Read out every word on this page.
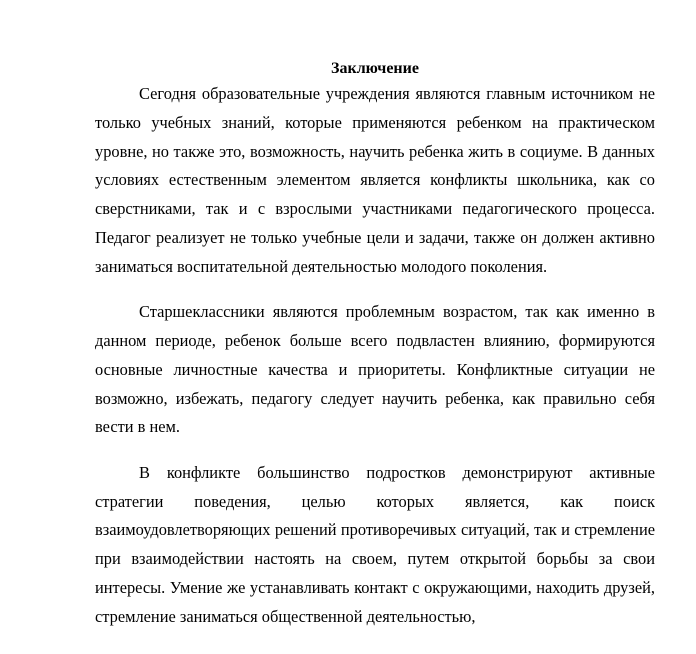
Заключение

Сегодня образовательные учреждения являются главным источником не только учебных знаний, которые применяются ребенком на практическом уровне, но также это, возможность, научить ребенка жить в социуме. В данных условиях естественным элементом является конфликты школьника, как со сверстниками, так и с взрослыми участниками педагогического процесса. Педагог реализует не только учебные цели и задачи, также он должен активно заниматься воспитательной деятельностью молодого поколения.

Старшеклассники являются проблемным возрастом, так как именно в данном периоде, ребенок больше всего подвластен влиянию, формируются основные личностные качества и приоритеты. Конфликтные ситуации не возможно, избежать, педагогу следует научить ребенка, как правильно себя вести в нем.

В конфликте большинство подростков демонстрируют активные стратегии поведения, целью которых является, как поиск взаимоудовлетворяющих решений противоречивых ситуаций, так и стремление при взаимодействии настоять на своем, путем открытой борьбы за свои интересы. Умение же устанавливать контакт с окружающими, находить друзей, стремление заниматься общественной деятельностью,
